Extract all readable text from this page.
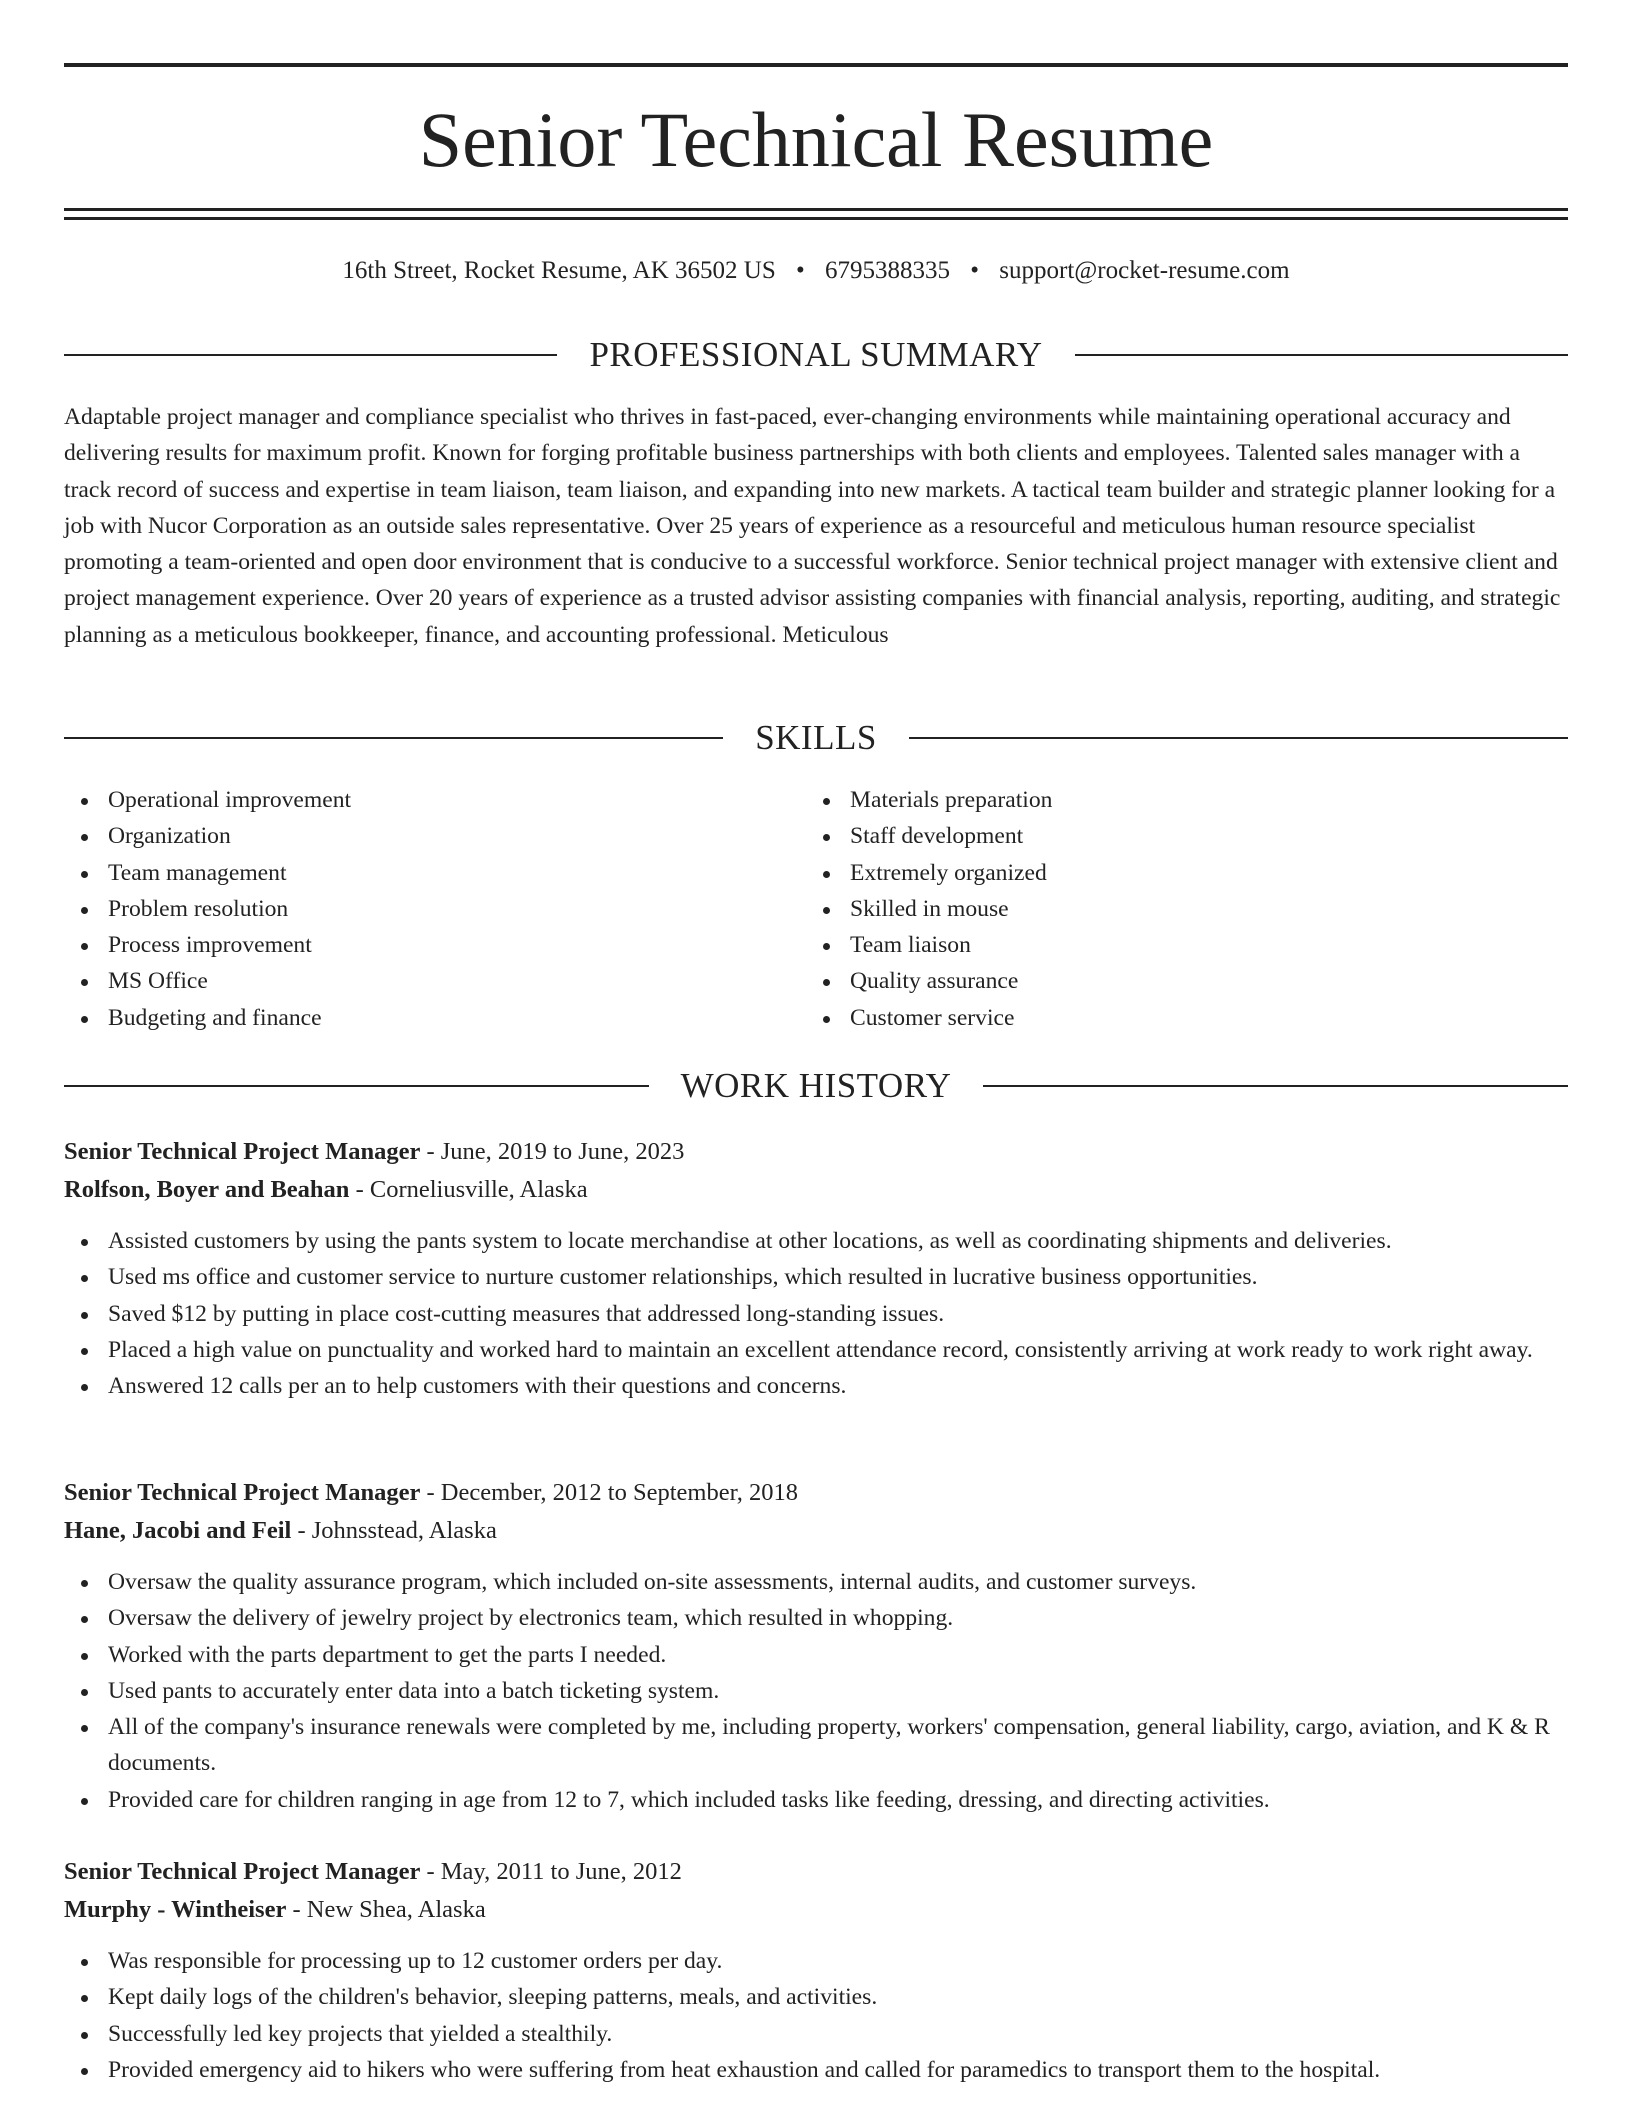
Senior Technical Resume
16th Street, Rocket Resume, AK 36502 US • 6795388335 • support@rocket-resume.com
PROFESSIONAL SUMMARY

Adaptable project manager and compliance specialist who thrives in fast-paced, ever-changing environments while maintaining operational accuracy and delivering results for maximum profit. Known for forging profitable business partnerships with both clients and employees. Talented sales manager with a track record of success and expertise in team liaison, team liaison, and expanding into new markets. A tactical team builder and strategic planner looking for a job with Nucor Corporation as an outside sales representative. Over 25 years of experience as a resourceful and meticulous human resource specialist promoting a team-oriented and open door environment that is conducive to a successful workforce. Senior technical project manager with extensive client and project management experience. Over 20 years of experience as a trusted advisor assisting companies with financial analysis, reporting, auditing, and strategic planning as a meticulous bookkeeper, finance, and accounting professional. Meticulous

SKILLS
Operational improvement
Organization
Team management
Problem resolution
Process improvement
MS Office
Budgeting and finance
Materials preparation
Staff development
Extremely organized
Skilled in mouse
Team liaison
Quality assurance
Customer service
WORK HISTORY
Senior Technical Project Manager - June, 2019 to June, 2023
Rolfson, Boyer and Beahan - Corneliusville, Alaska
Assisted customers by using the pants system to locate merchandise at other locations, as well as coordinating shipments and deliveries.
Used ms office and customer service to nurture customer relationships, which resulted in lucrative business opportunities.
Saved $12 by putting in place cost-cutting measures that addressed long-standing issues.
Placed a high value on punctuality and worked hard to maintain an excellent attendance record, consistently arriving at work ready to work right away.
Answered 12 calls per an to help customers with their questions and concerns.
Senior Technical Project Manager - December, 2012 to September, 2018
Hane, Jacobi and Feil - Johnsstead, Alaska
Oversaw the quality assurance program, which included on-site assessments, internal audits, and customer surveys.
Oversaw the delivery of jewelry project by electronics team, which resulted in whopping.
Worked with the parts department to get the parts I needed.
Used pants to accurately enter data into a batch ticketing system.
All of the company's insurance renewals were completed by me, including property, workers' compensation, general liability, cargo, aviation, and K & R documents.
Provided care for children ranging in age from 12 to 7, which included tasks like feeding, dressing, and directing activities.
Senior Technical Project Manager - May, 2011 to June, 2012
Murphy - Wintheiser - New Shea, Alaska
Was responsible for processing up to 12 customer orders per day.
Kept daily logs of the children's behavior, sleeping patterns, meals, and activities.
Successfully led key projects that yielded a stealthily.
Provided emergency aid to hikers who were suffering from heat exhaustion and called for paramedics to transport them to the hospital.
